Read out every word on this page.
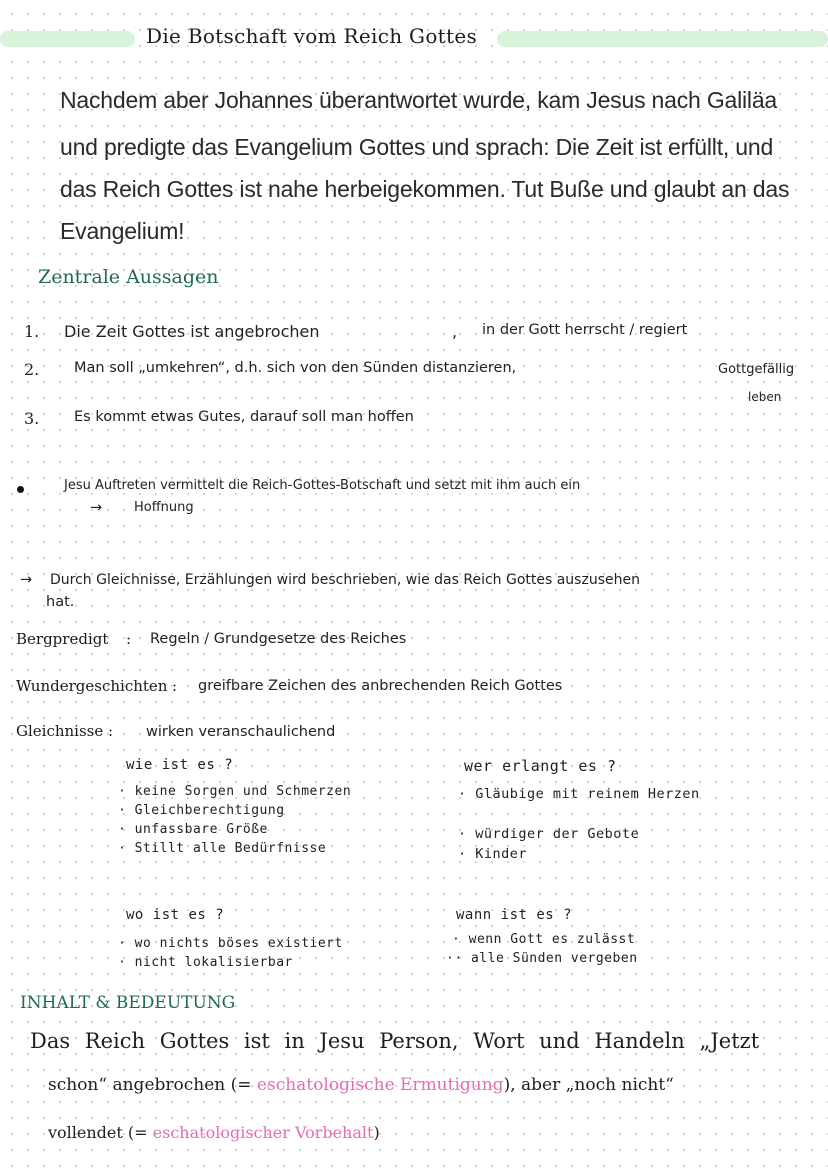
Die Botschaft vom Reich Gottes
Nachdem aber Johannes überantwortet wurde, kam Jesus nach Galiläa
und predigte das Evangelium Gottes und sprach: Die Zeit ist erfüllt, und
das Reich Gottes ist nahe herbeigekommen. Tut Buße und glaubt an das
Evangelium!
Zentrale Aussagen
1. Die Zeit Gottes ist angebrochen	, in der Gott herrscht / regiert
2. Man soll „umkehren“, d.h. sich von den Sünden distanzieren,	Gottgefällig
leben
3. Es kommt etwas Gutes, darauf soll man hoffen
Jesu Auftreten vermittelt die Reich-Gottes-Botschaft und setzt mit ihm auch ein
→ Hoffnung
→ Durch Gleichnisse, Erzählungen wird beschrieben, wie das Reich Gottes auszusehen
hat.
Bergpredigt : Regeln / Grundgesetze des Reiches
Wundergeschichten : greifbare Zeichen des anbrechenden Reich Gottes
Gleichnisse : wirken veranschaulichend
wie ist es ?
· keine Sorgen und Schmerzen
· Gleichberechtigung
· unfassbare Größe
· Stillt alle Bedürfnisse
wer erlangt es ?
· Gläubige mit reinem Herzen
· würdiger der Gebote
· Kinder
wo ist es ?
· wo nichts böses existiert
· nicht lokalisierbar
wann ist es ?
· wenn Gott es zulässt
·· alle Sünden vergeben
INHALT & BEDEUTUNG
Das Reich Gottes ist in Jesu Person, Wort und Handeln „Jetzt
schon“ angebrochen (= eschatologische Ermutigung), aber „noch nicht“
vollendet (= eschatologischer Vorbehalt)
